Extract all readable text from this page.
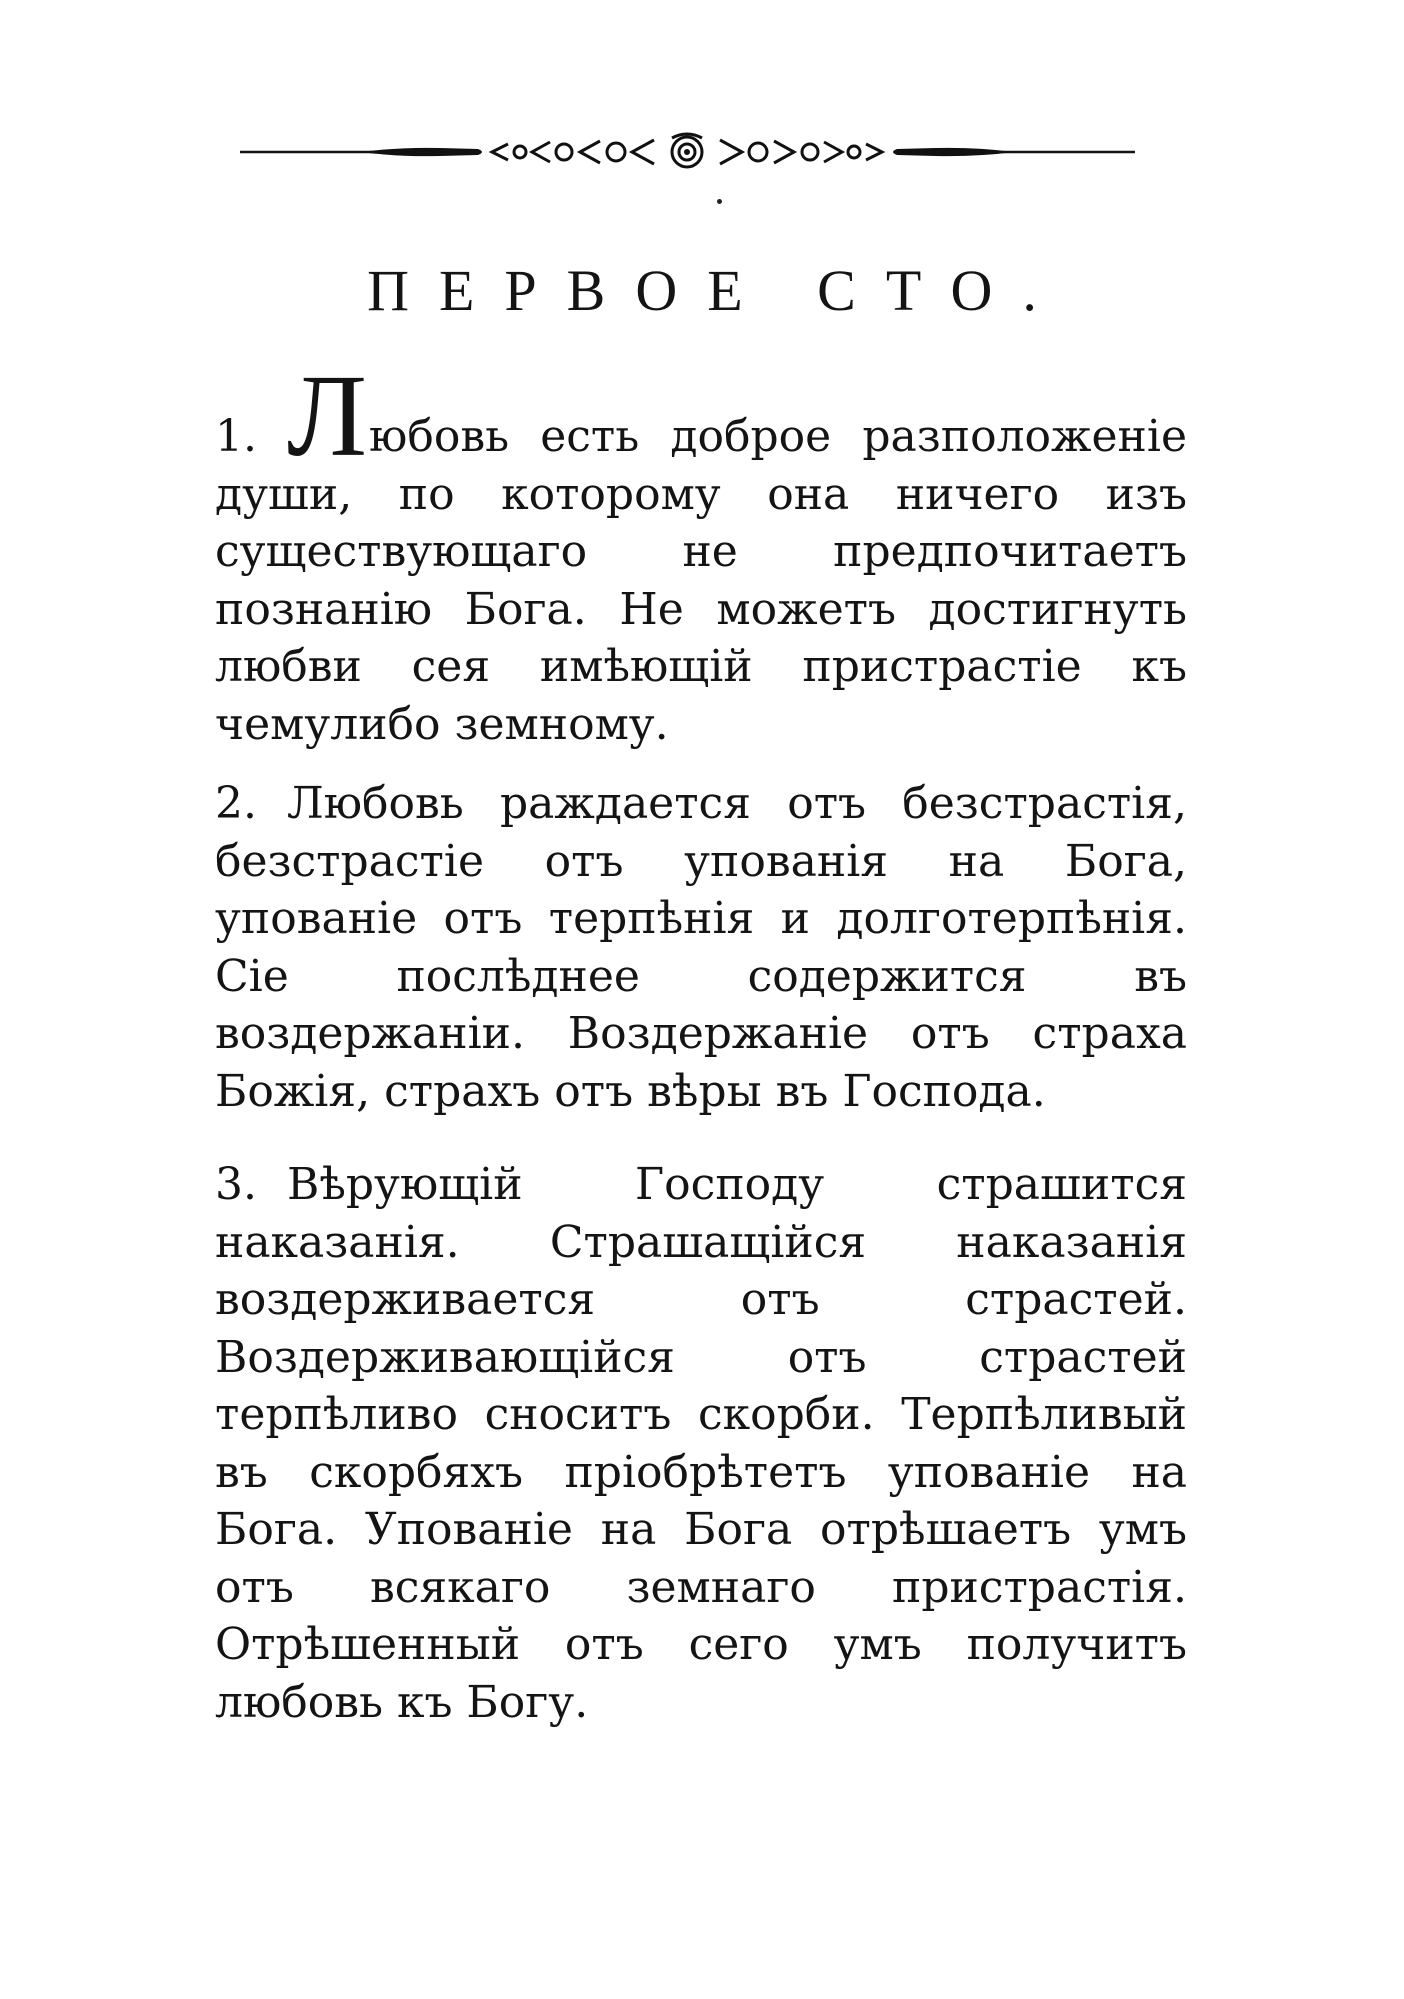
ПЕРВОЕ СТО.

1. Любовь есть доброе разположеніе души, по которому она ничего изъ существующаго не предпочитаетъ познанію Бога. Не можетъ достигнуть любви сея имѣющій пристрастіе къ чемулибо земному.

2. Любовь раждается отъ безстрастія, безстрастіе отъ упованія на Бога, упованіе отъ терпѣнія и долготерпѣнія. Сіе послѣднее содержится въ воздержаніи. Воздержаніе отъ страха Божія, страхъ отъ вѣры въ Господа.

3. Вѣрующій Господу страшится наказанія. Страшащійся наказанія воздерживается отъ страстей. Воздерживающійся отъ страстей терпѣливо сноситъ скорби. Терпѣливый въ скорбяхъ пріобрѣтетъ упованіе на Бога. Упованіе на Бога отрѣшаетъ умъ отъ всякаго земнаго пристрастія. Отрѣшенный отъ сего умъ получитъ любовь къ Богу.
